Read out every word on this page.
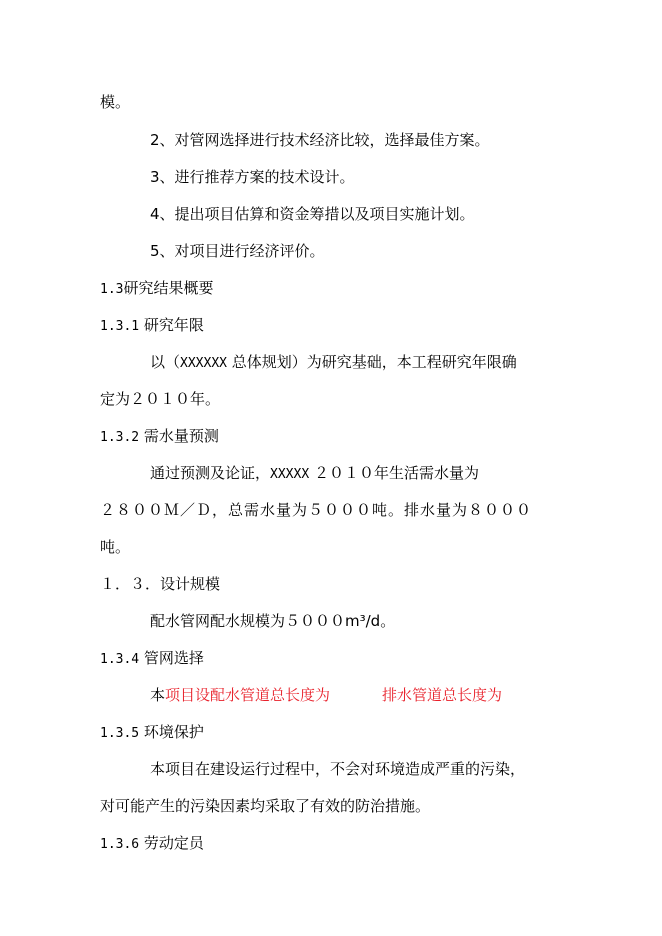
模。
2、对管网选择进行技术经济比较，选择最佳方案。
3、进行推荐方案的技术设计。
4、提出项目估算和资金筹措以及项目实施计划。
5、对项目进行经济评价。
1.3研究结果概要
1.3.1 研究年限
以（XXXXXX 总体规划）为研究基础，本工程研究年限确
定为２０１０年。
1.3.2 需水量预测
通过预测及论证，XXXXX ２０１０年生活需水量为
２８００Ｍ／Ｄ，总需水量为５０００吨。排水量为８０００
吨。
１．３．设计规模
配水管网配水规模为５０００m³/d。
1.3.4 管网选择
本项目设配水管道总长度为	排水管道总长度为
1.3.5 环境保护
本项目在建设运行过程中，不会对环境造成严重的污染，
对可能产生的污染因素均采取了有效的防治措施。
1.3.6 劳动定员
